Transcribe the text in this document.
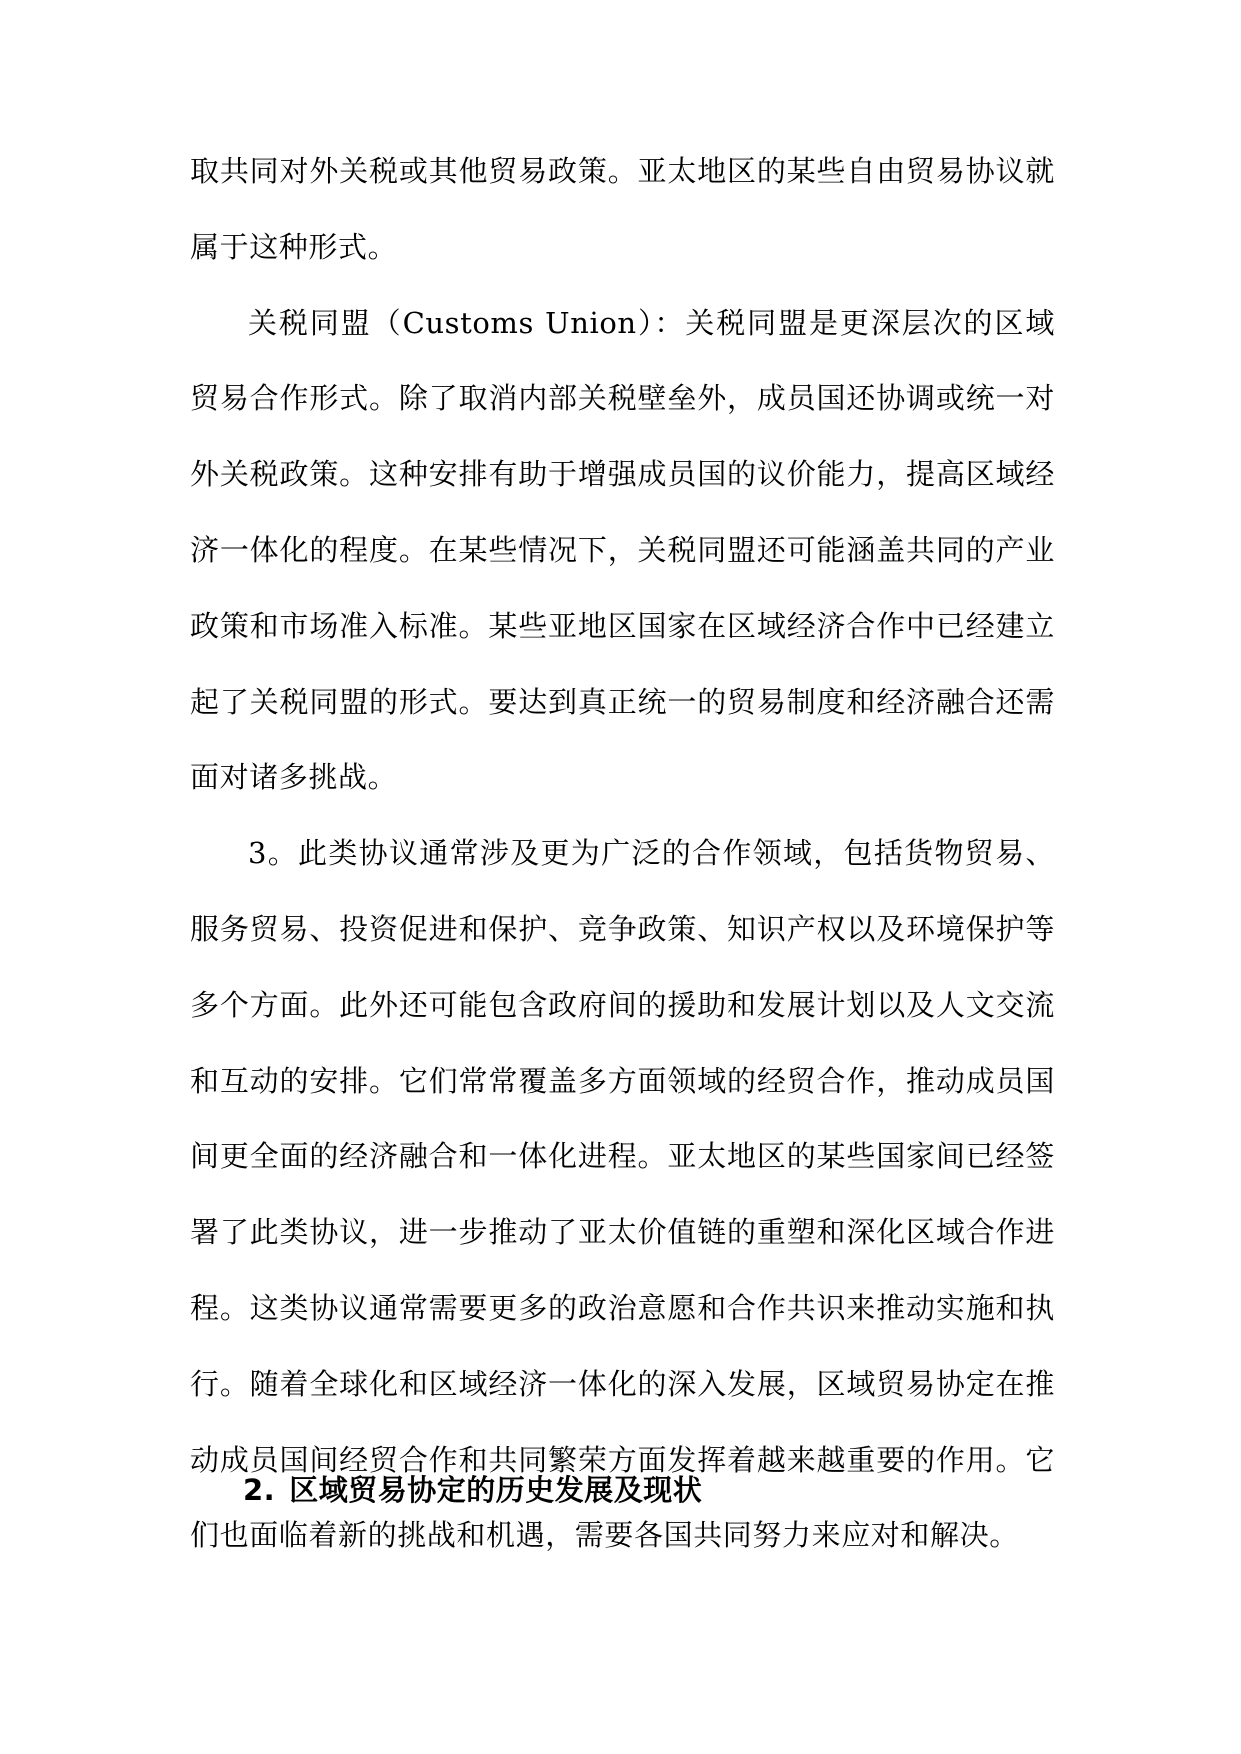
取共同对外关税或其他贸易政策。亚太地区的某些自由贸易协议就属于这种形式。

关税同盟（Customs Union）：关税同盟是更深层次的区域贸易合作形式。除了取消内部关税壁垒外，成员国还协调或统一对外关税政策。这种安排有助于增强成员国的议价能力，提高区域经济一体化的程度。在某些情况下，关税同盟还可能涵盖共同的产业政策和市场准入标准。某些亚地区国家在区域经济合作中已经建立起了关税同盟的形式。要达到真正统一的贸易制度和经济融合还需面对诸多挑战。

3。此类协议通常涉及更为广泛的合作领域，包括货物贸易、服务贸易、投资促进和保护、竞争政策、知识产权以及环境保护等多个方面。此外还可能包含政府间的援助和发展计划以及人文交流和互动的安排。它们常常覆盖多方面领域的经贸合作，推动成员国间更全面的经济融合和一体化进程。亚太地区的某些国家间已经签署了此类协议，进一步推动了亚太价值链的重塑和深化区域合作进程。这类协议通常需要更多的政治意愿和合作共识来推动实施和执行。随着全球化和区域经济一体化的深入发展，区域贸易协定在推动成员国间经贸合作和共同繁荣方面发挥着越来越重要的作用。它们也面临着新的挑战和机遇，需要各国共同努力来应对和解决。

2. 区域贸易协定的历史发展及现状
